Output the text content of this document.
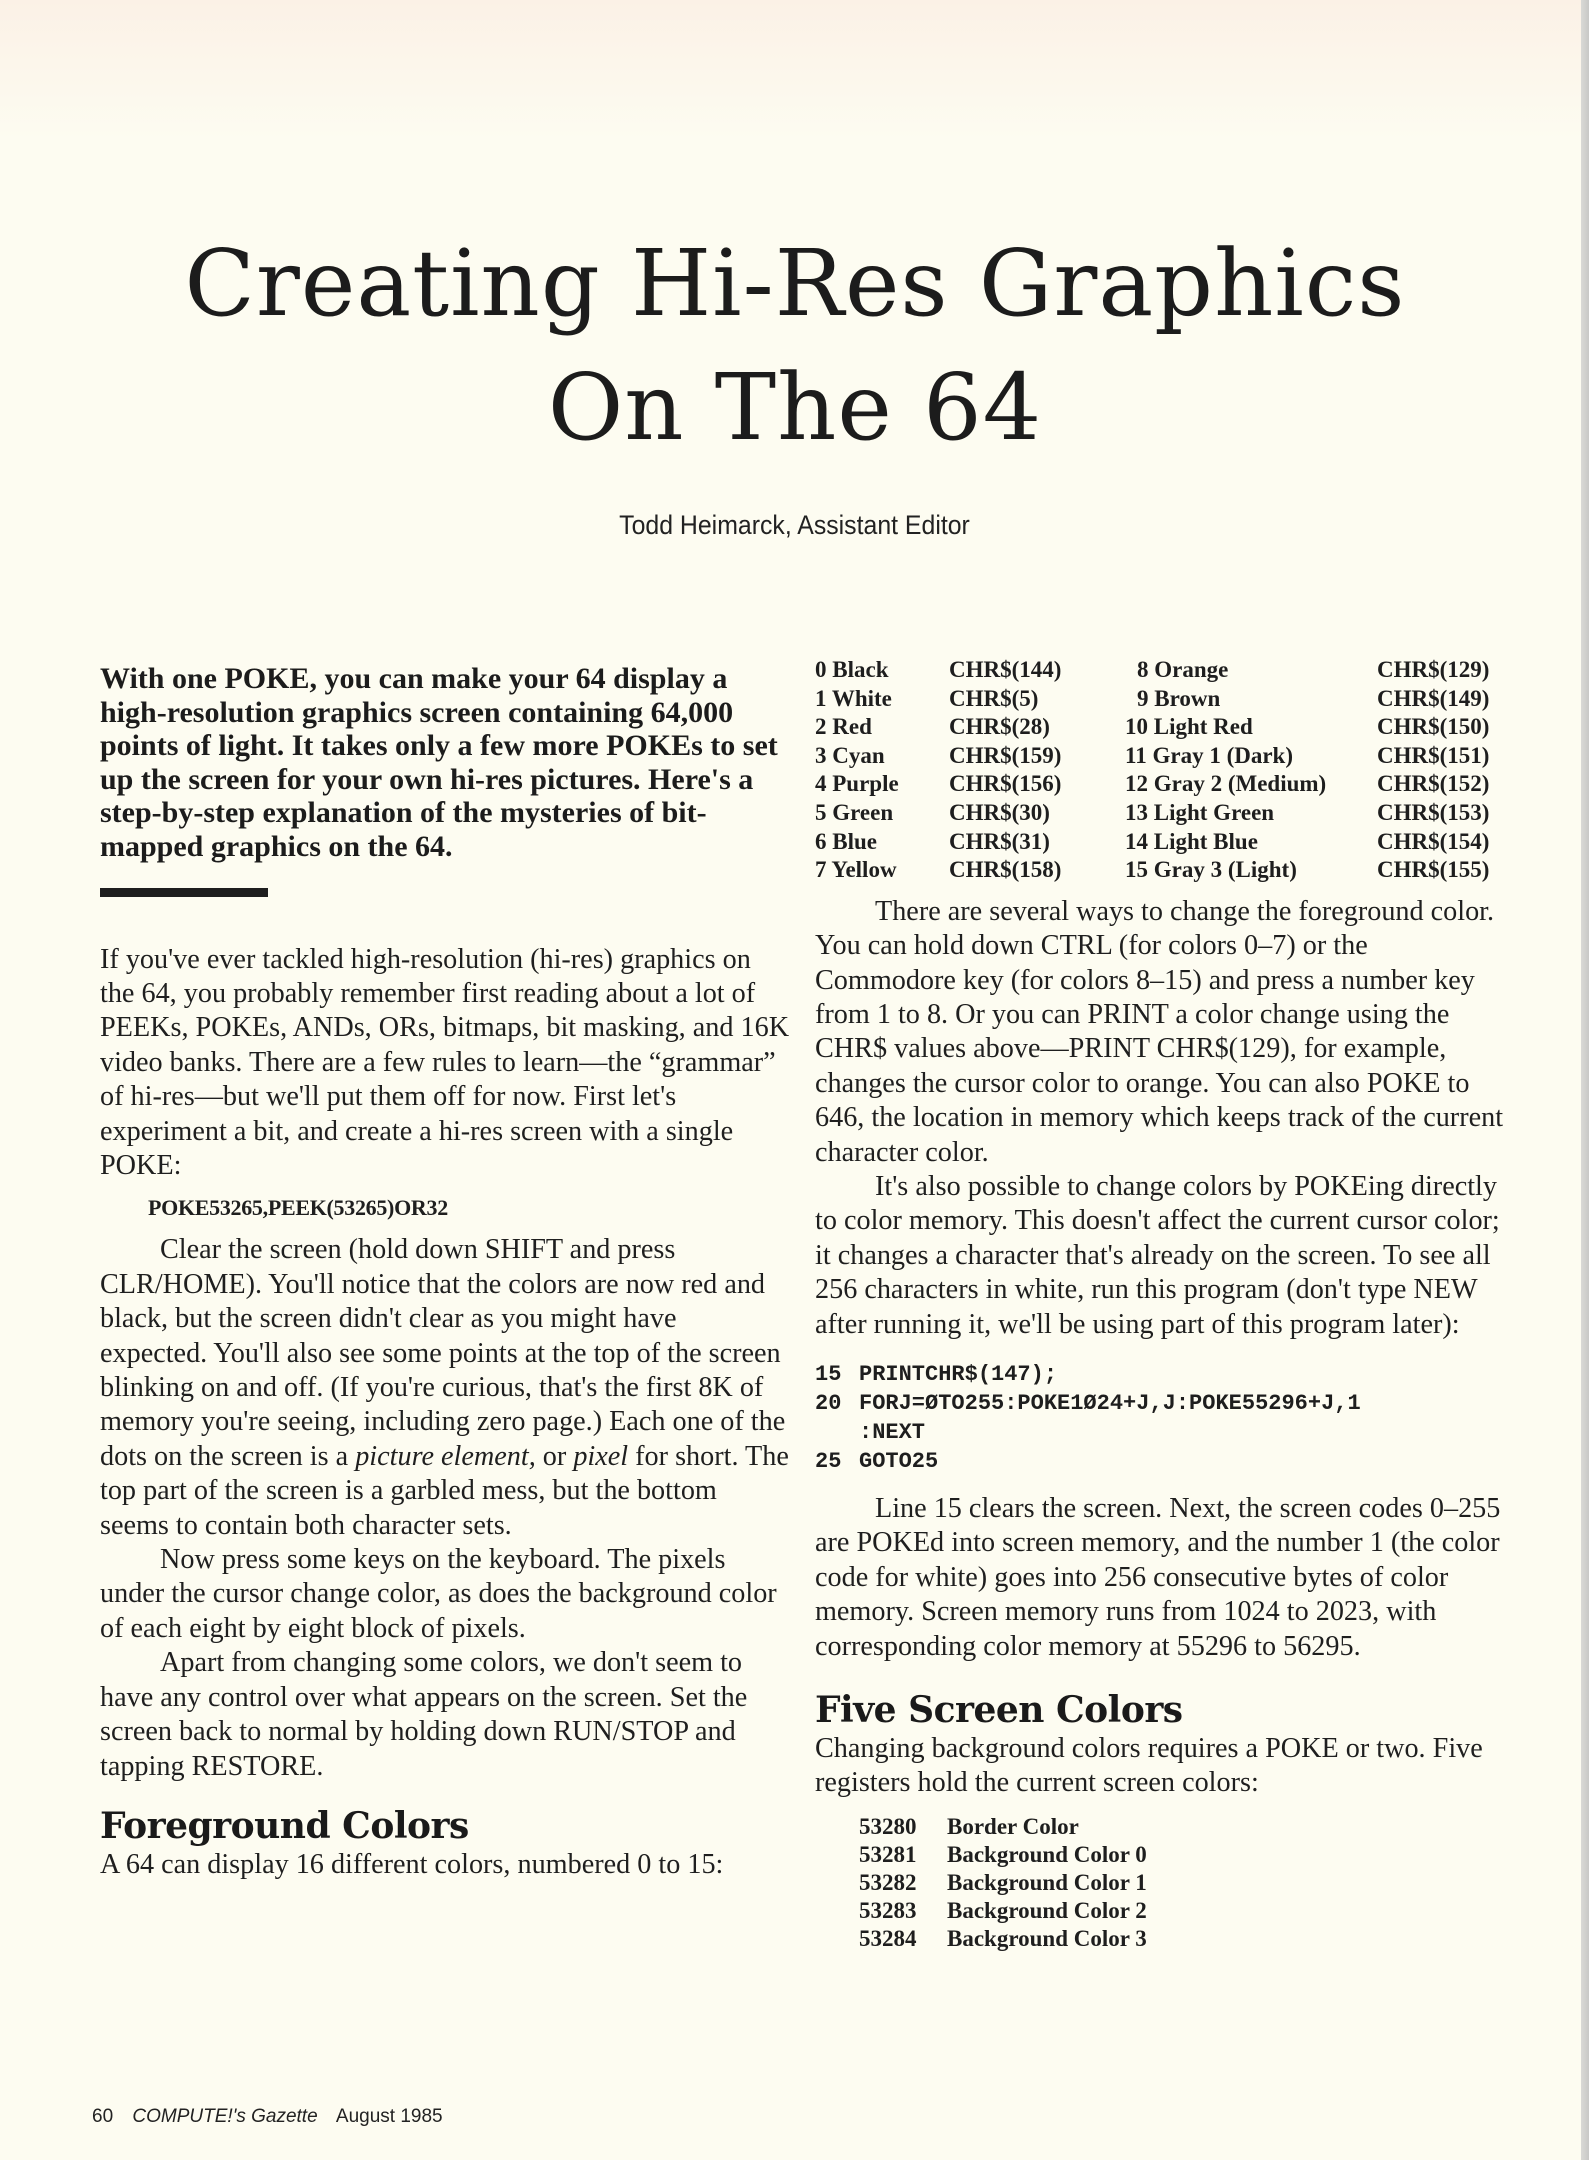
Creating Hi-Res Graphics
On The 64
Todd Heimarck, Assistant Editor

With one POKE, you can make your 64 display a high-resolution graphics screen containing 64,000 points of light. It takes only a few more POKEs to set up the screen for your own hi-res pictures. Here's a step-by-step explanation of the mysteries of bit-mapped graphics on the 64.

If you've ever tackled high-resolution (hi-res) graphics on the 64, you probably remember first reading about a lot of PEEKs, POKEs, ANDs, ORs, bitmaps, bit masking, and 16K video banks. There are a few rules to learn—the “grammar” of hi-res—but we'll put them off for now. First let's experiment a bit, and create a hi-res screen with a single POKE:

POKE53265,PEEK(53265)OR32

Clear the screen (hold down SHIFT and press CLR/HOME). You'll notice that the colors are now red and black, but the screen didn't clear as you might have expected. You'll also see some points at the top of the screen blinking on and off. (If you're curious, that's the first 8K of memory you're seeing, including zero page.) Each one of the dots on the screen is a picture element, or pixel for short. The top part of the screen is a garbled mess, but the bottom seems to contain both character sets.

Now press some keys on the keyboard. The pixels under the cursor change color, as does the background color of each eight by eight block of pixels.

Apart from changing some colors, we don't seem to have any control over what appears on the screen. Set the screen back to normal by holding down RUN/STOP and tapping RESTORE.

Foreground Colors

A 64 can display 16 different colors, numbered 0 to 15:

0 Black	CHR$(144)	8 Orange	CHR$(129)
1 White	CHR$(5)	9 Brown	CHR$(149)
2 Red	CHR$(28)	10 Light Red	CHR$(150)
3 Cyan	CHR$(159)	11 Gray 1 (Dark)	CHR$(151)
4 Purple	CHR$(156)	12 Gray 2 (Medium)	CHR$(152)
5 Green	CHR$(30)	13 Light Green	CHR$(153)
6 Blue	CHR$(31)	14 Light Blue	CHR$(154)
7 Yellow	CHR$(158)	15 Gray 3 (Light)	CHR$(155)

There are several ways to change the foreground color. You can hold down CTRL (for colors 0–7) or the Commodore key (for colors 8–15) and press a number key from 1 to 8. Or you can PRINT a color change using the CHR$ values above—PRINT CHR$(129), for example, changes the cursor color to orange. You can also POKE to 646, the location in memory which keeps track of the current character color.

It's also possible to change colors by POKEing directly to color memory. This doesn't affect the current cursor color; it changes a character that's already on the screen. To see all 256 characters in white, run this program (don't type NEW after running it, we'll be using part of this program later):

15 PRINTCHR$(147);
20 FORJ=ØTO255:POKE1Ø24+J,J:POKE55296+J,1
:NEXT
25 GOTO25

Line 15 clears the screen. Next, the screen codes 0–255 are POKEd into screen memory, and the number 1 (the color code for white) goes into 256 consecutive bytes of color memory. Screen memory runs from 1024 to 2023, with corresponding color memory at 55296 to 56295.

Five Screen Colors

Changing background colors requires a POKE or two. Five registers hold the current screen colors:

53280	Border Color
53281	Background Color 0
53282	Background Color 1
53283	Background Color 2
53284	Background Color 3
60 COMPUTE!'s Gazette August 1985
